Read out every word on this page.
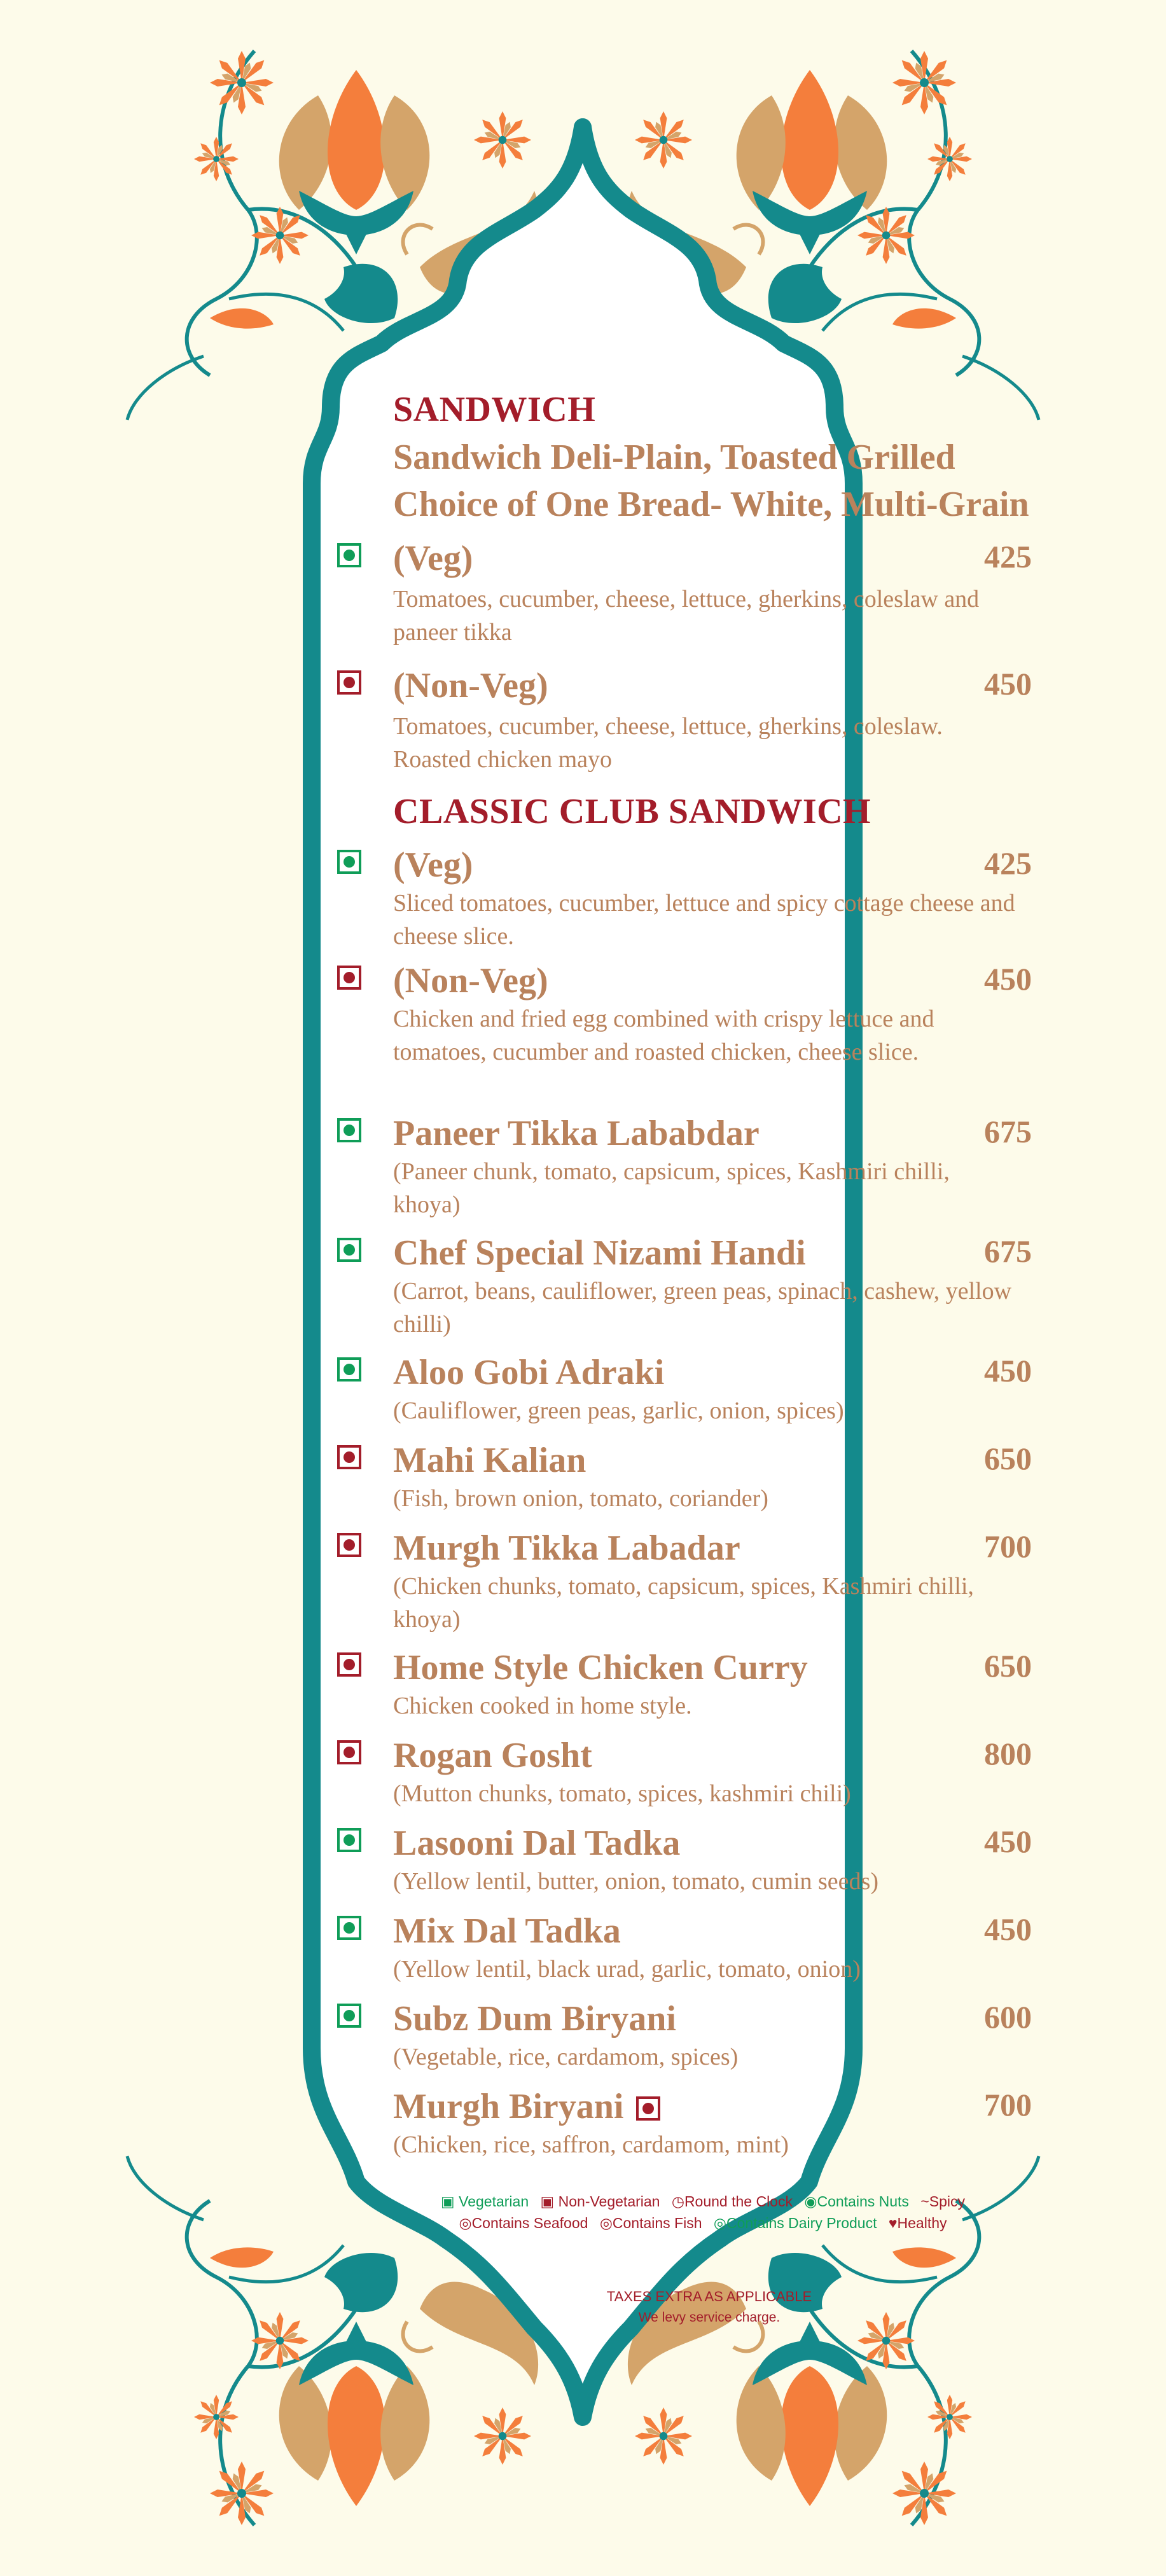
SANDWICH
Sandwich Deli-Plain, Toasted Grilled
Choice of One Bread- White, Multi-Grain
(Veg)	425
Tomatoes, cucumber, cheese, lettuce, gherkins, coleslaw and paneer tikka
(Non-Veg)	450
Tomatoes, cucumber, cheese, lettuce, gherkins, coleslaw. Roasted chicken mayo
CLASSIC CLUB SANDWICH
(Veg)	425
Sliced tomatoes, cucumber, lettuce and spicy cottage cheese and cheese slice.
(Non-Veg)	450
Chicken and fried egg combined with crispy lettuce and tomatoes, cucumber and roasted chicken, cheese slice.
Paneer Tikka Lababdar	675
(Paneer chunk, tomato, capsicum, spices, Kashmiri chilli, khoya)
Chef Special Nizami Handi	675
(Carrot, beans, cauliflower, green peas, spinach, cashew, yellow chilli)
Aloo Gobi Adraki	450
(Cauliflower, green peas, garlic, onion, spices)
Mahi Kalian	650
(Fish, brown onion, tomato, coriander)
Murgh Tikka Labadar	700
(Chicken chunks, tomato, capsicum, spices, Kashmiri chilli, khoya)
Home Style Chicken Curry	650
Chicken cooked in home style.
Rogan Gosht	800
(Mutton chunks, tomato, spices, kashmiri chili)
Lasooni Dal Tadka	450
(Yellow lentil, butter, onion, tomato, cumin seeds)
Mix Dal Tadka	450
(Yellow lentil, black urad, garlic, tomato, onion)
Subz Dum Biryani	600
(Vegetable, rice, cardamom, spices)
Murgh Biryani	700
(Chicken, rice, saffron, cardamom, mint)
▣ Vegetarian ▣ Non-Vegetarian ◷Round the Clock ◉Contains Nuts ~Spicy
◎Contains Seafood ◎Contains Fish ◎Contains Dairy Product ♥Healthy
TAXES EXTRA AS APPLICABLE
We levy service charge.
